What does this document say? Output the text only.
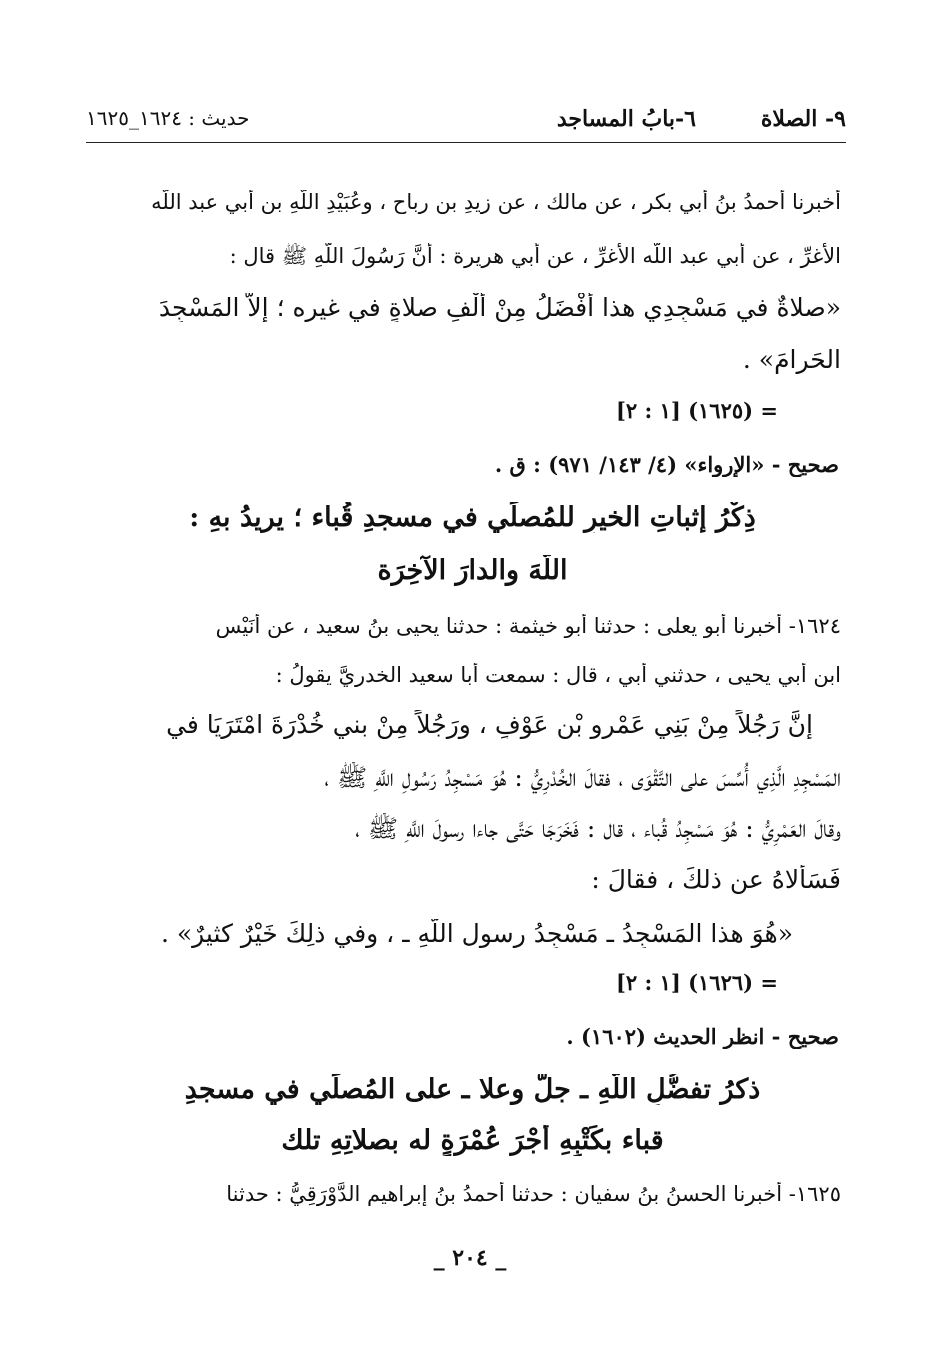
٩- الصلاة
٦-بابُ المساجد
حديث : ١٦٢٤_١٦٢٥
أخبرنا أحمدُ بنُ أبي بكر ، عن مالك ، عن زيدِ بن رباح ، وعُبَيْدِ اللَّهِ بن أبي عبد اللَّه
الأغرِّ ، عن أبي عبد اللَّه الأغرِّ ، عن أبي هريرة : أنَّ رَسُولَ اللَّهِ ﷺ قال :
«صلاةٌ في مَسْجِدِي هذا أَفْضَلُ مِنْ أَلْفِ صلاةٍ في غيرِه ؛ إلاَّ المَسْجِدَ
الحَرامَ» .
= (١٦٢٥) [١ : ٢]
صحيح - «الإرواء» (٤/ ١٤٣/ ٩٧١) : ق .
ذِكْرُ إثباتِ الخيرِ للمُصلِّي في مسجدِ قُباء ؛ يريدُ بهِ :
اللَّهَ والدارَ الآخِرَة
١٦٢٤- أخبرنا أبو يعلى : حدثنا أبو خيثمة : حدثنا يحيى بنُ سعيد ، عن أُنَيْسِ
ابنِ أبي يحيى ، حدثني أبي ، قال : سمعت أبا سعيد الخدريَّ يقولُ :
إنَّ رَجُلاً مِنْ بَنِي عَمْرِو بْنِ عَوْفٍ ، ورَجُلاً مِنْ بني خُدْرَةَ امْتَرَيَا في
المَسْجِدِ الَّذِي أُسِّسَ على التَّقْوَى ، فقالَ الخُدْرِيُّ : هُوَ مَسْجِدُ رَسُولِ اللَّهِ ﷺ ،
وقالَ العَمْرِيُّ : هُوَ مَسْجِدُ قُباء ، قال : فَخَرَجَا حَتَّى جاءا رسولَ اللَّهِ ﷺ ،
فَسَأَلاهُ عن ذلكَ ، فقالَ :
«هُوَ هذا المَسْجِدُ ـ مَسْجِدُ رسول اللَّهِ ـ ، وفي ذلِكَ خَيْرٌ كثيرٌ» .
= (١٦٢٦) [١ : ٢]
صحيح - انظر الحديث (١٦٠٢) .
ذكرُ تفضُّلِ اللَّهِ ـ جلَّ وعلا ـ على المُصلِّي في مسجدِ
قباء بكَتْبِهِ أَجْرَ عُمْرَةٍ له بصلاتِهِ تلك
١٦٢٥- أخبرنا الحسنُ بنُ سفيان : حدثنا أحمدُ بنُ إبراهيم الدَّوْرَقِيُّ : حدثنا
_ ٢٠٤ _
